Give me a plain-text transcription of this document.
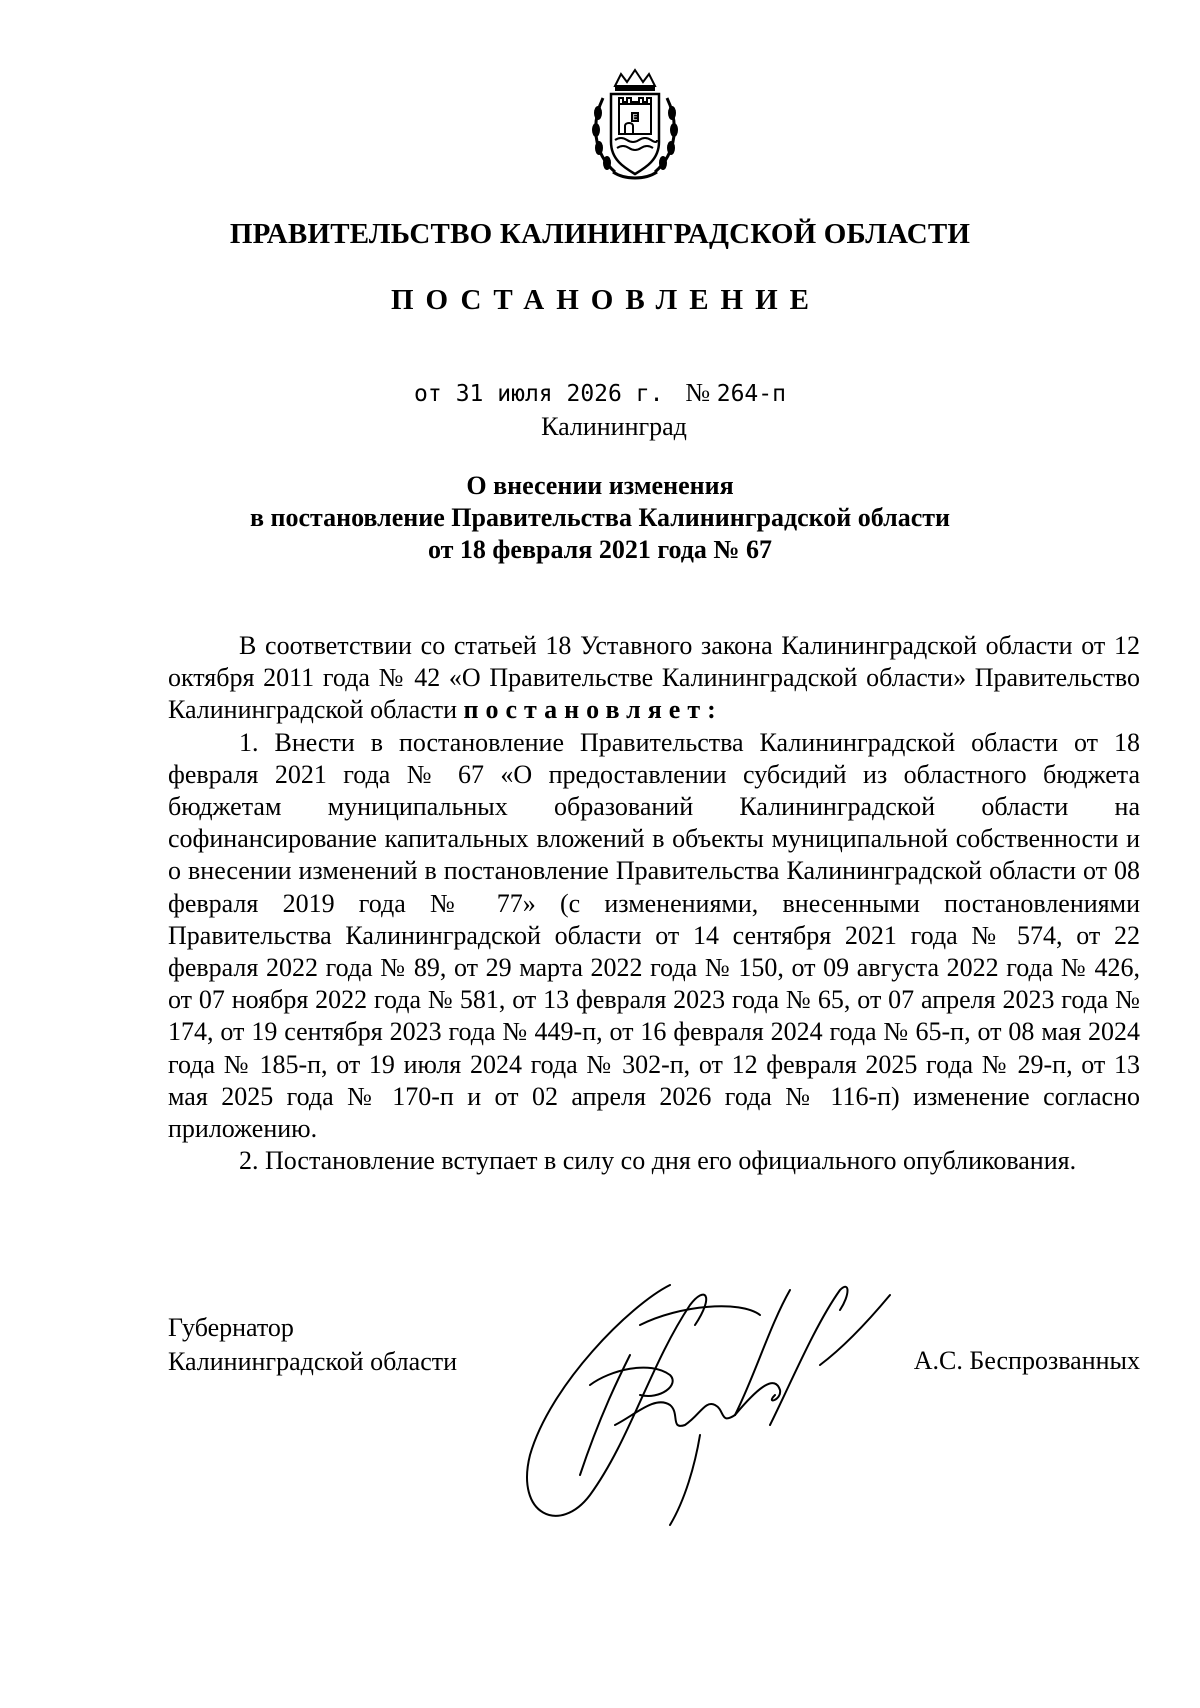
Е
ПРАВИТЕЛЬСТВО КАЛИНИНГРАДСКОЙ ОБЛАСТИ
ПОСТАНОВЛЕНИЕ
от 31 июля 2026 г. № 264-п
Калининград
О внесении изменения
в постановление Правительства Калининградской области
от 18 февраля 2021 года № 67

В соответствии со статьей 18 Уставного закона Калининградской области от 12 октября 2011 года № 42 «О Правительстве Калининградской области» Правительство Калининградской области постановляет:

1. Внести в постановление Правительства Калининградской области от 18 февраля 2021 года № 67 «О предоставлении субсидий из областного бюджета бюджетам муниципальных образований Калининградской области на софинансирование капитальных вложений в объекты муниципальной собственности и о внесении изменений в постановление Правительства Калининградской области от 08 февраля 2019 года № 77» (с изменениями, внесенными постановлениями Правительства Калининградской области от 14 сентября 2021 года № 574, от 22 февраля 2022 года № 89, от 29 марта 2022 года № 150, от 09 августа 2022 года № 426, от 07 ноября 2022 года № 581, от 13 февраля 2023 года № 65, от 07 апреля 2023 года № 174, от 19 сентября 2023 года № 449-п, от 16 февраля 2024 года № 65-п, от 08 мая 2024 года № 185-п, от 19 июля 2024 года № 302-п, от 12 февраля 2025 года № 29-п, от 13 мая 2025 года № 170-п и от 02 апреля 2026 года № 116-п) изменение согласно приложению.

2. Постановление вступает в силу со дня его официального опубликования.

Губернатор
Калининградской области	А.С. Беспрозванных
